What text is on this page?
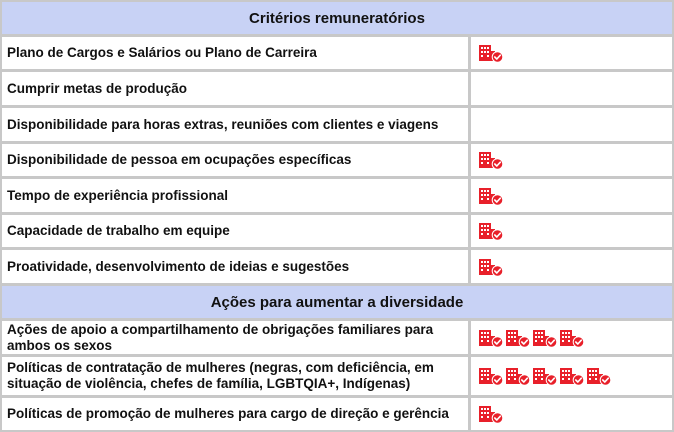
Critérios remuneratórios
Plano de Cargos e Salários ou Plano de Carreira
Cumprir metas de produção
Disponibilidade para horas extras, reuniões com clientes e viagens
Disponibilidade de pessoa em ocupações específicas
Tempo de experiência profissional
Capacidade de trabalho em equipe
Proatividade, desenvolvimento de ideias e sugestões
Ações para aumentar a diversidade
Ações de apoio a compartilhamento de obrigações familiares para ambos os sexos
Políticas de contratação de mulheres (negras, com deficiência, em situação de violência, chefes de família, LGBTQIA+, Indígenas)
Políticas de promoção de mulheres para cargo de direção e gerência
